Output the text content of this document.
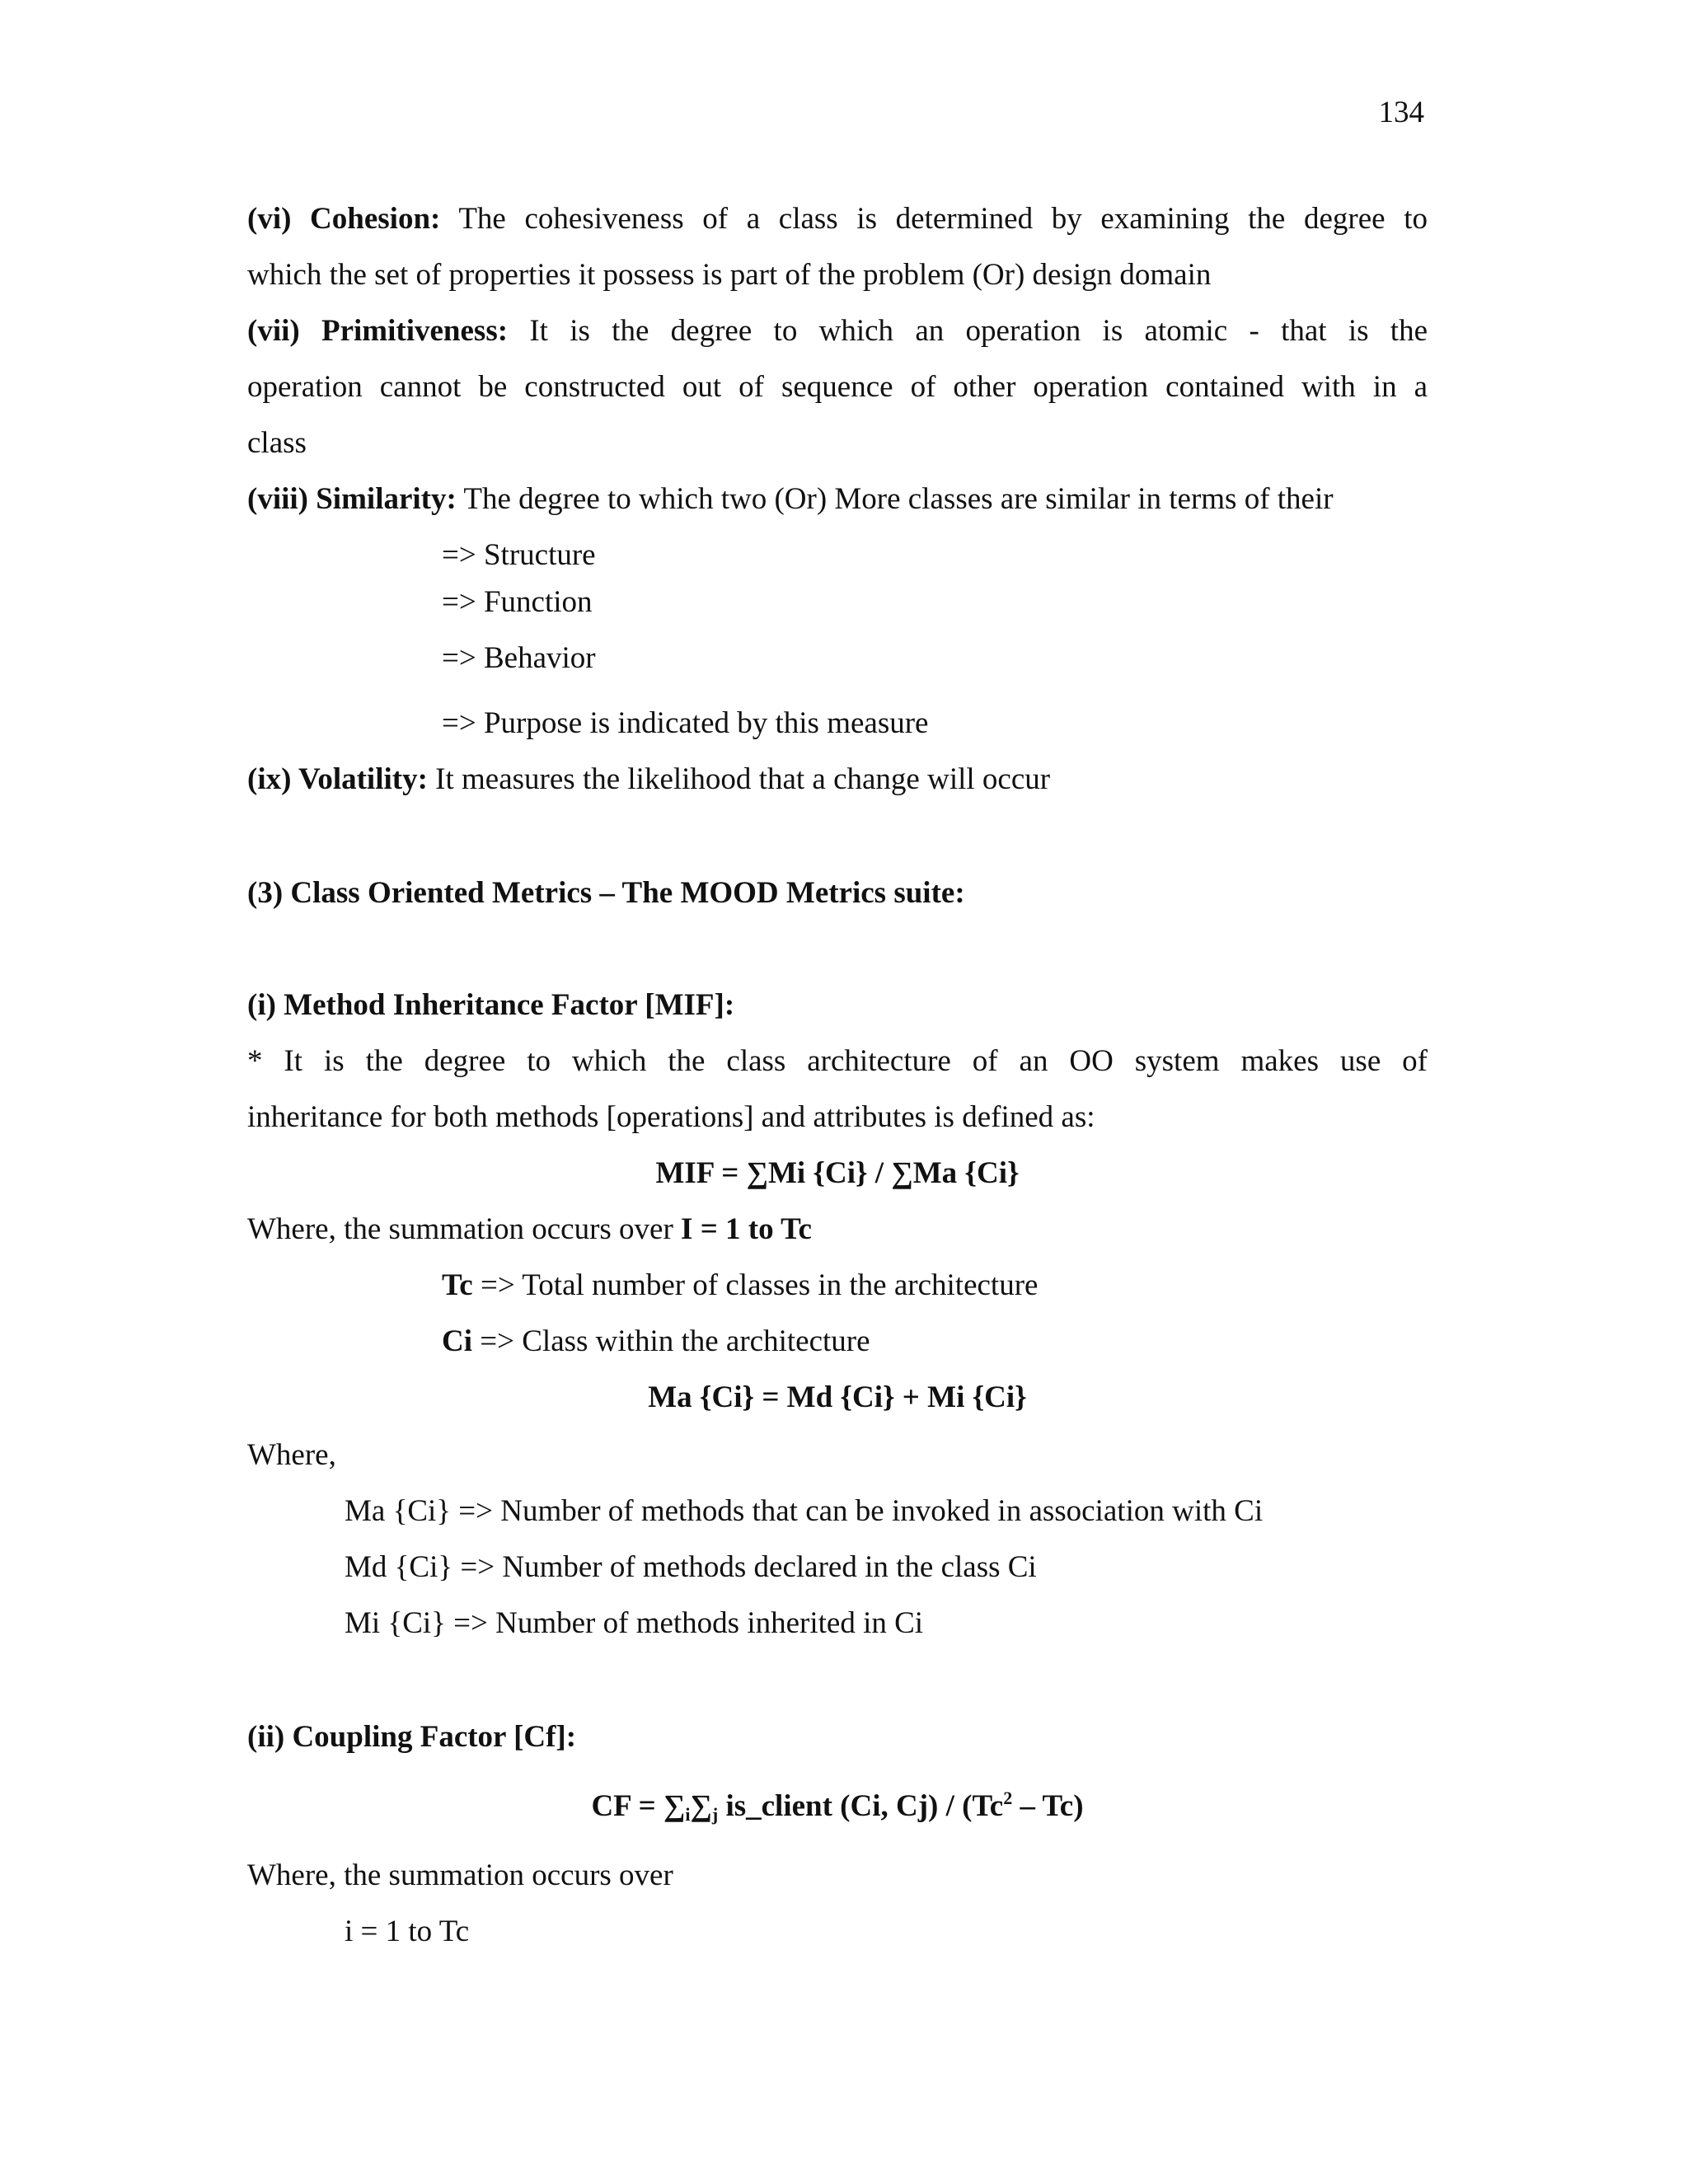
134

(vi) Cohesion: The cohesiveness of a class is determined by examining the degree to

which the set of properties it possess is part of the problem (Or) design domain

(vii) Primitiveness: It is the degree to which an operation is atomic - that is the

operation cannot be constructed out of sequence of other operation contained with in a

class

(viii) Similarity: The degree to which two (Or) More classes are similar in terms of their

=> Structure

=> Function

=> Behavior

=> Purpose is indicated by this measure

(ix) Volatility: It measures the likelihood that a change will occur

(3) Class Oriented Metrics – The MOOD Metrics suite:

(i) Method Inheritance Factor [MIF]:

* It is the degree to which the class architecture of an OO system makes use of

inheritance for both methods [operations] and attributes is defined as:

MIF = ∑Mi {Ci} / ∑Ma {Ci}

Where, the summation occurs over I = 1 to Tc

Tc => Total number of classes in the architecture

Ci => Class within the architecture

Ma {Ci} = Md {Ci} + Mi {Ci}

Where,

Ma {Ci} => Number of methods that can be invoked in association with Ci

Md {Ci} => Number of methods declared in the class Ci

Mi {Ci} => Number of methods inherited in Ci

(ii) Coupling Factor [Cf]:

CF = $\sum_i\sum_j$ is_client (Ci, Cj) / (Tc$^2$ – Tc)

Where, the summation occurs over

i = 1 to Tc
